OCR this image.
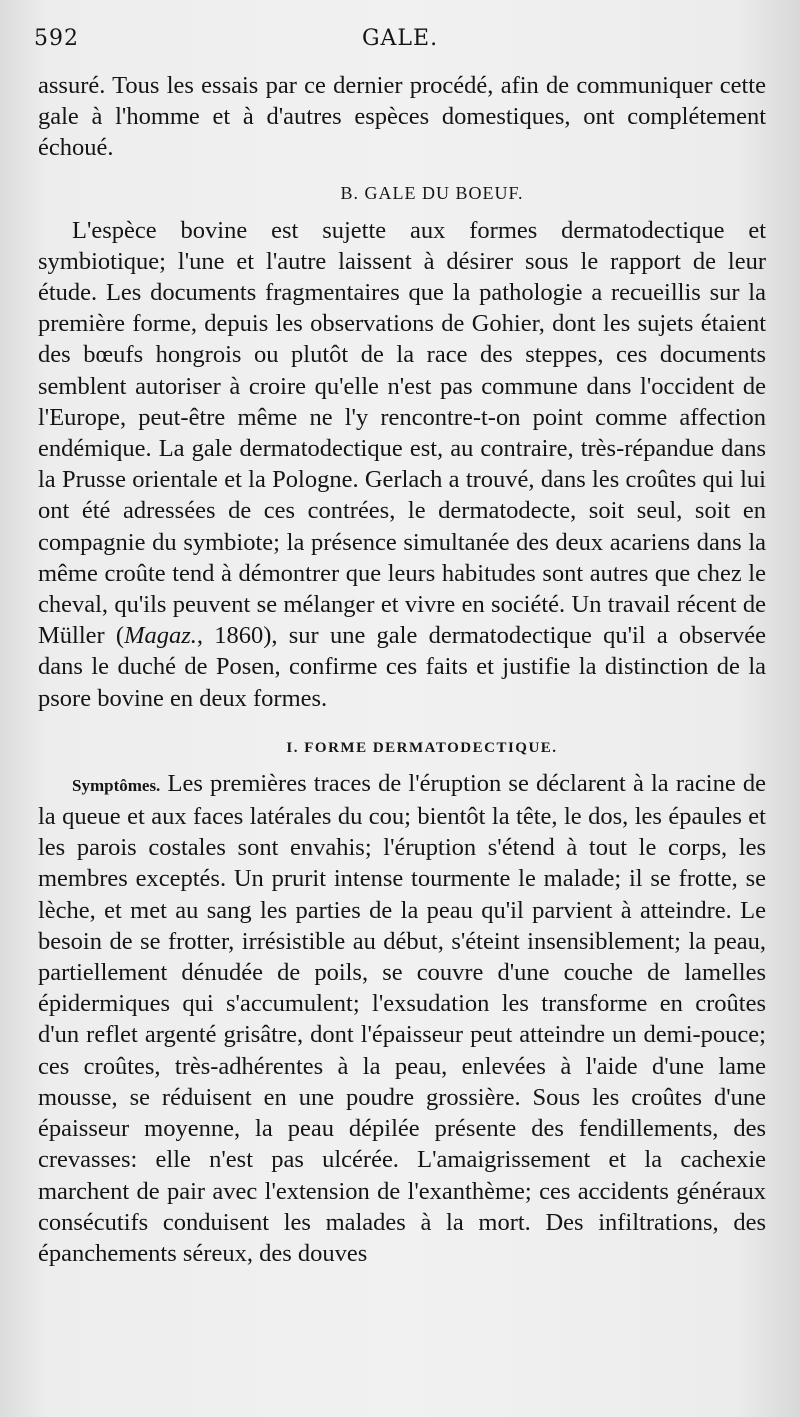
592	GALE.

assuré. Tous les essais par ce dernier procédé, afin de communiquer cette gale à l'homme et à d'autres espèces domestiques, ont complétement échoué.

B. GALE DU BOEUF.

L'espèce bovine est sujette aux formes dermatodectique et symbiotique; l'une et l'autre laissent à désirer sous le rapport de leur étude. Les documents fragmentaires que la pathologie a recueillis sur la première forme, depuis les observations de Gohier, dont les sujets étaient des bœufs hongrois ou plutôt de la race des steppes, ces documents semblent autoriser à croire qu'elle n'est pas commune dans l'occident de l'Europe, peut-être même ne l'y rencontre-t-on point comme affection endémique. La gale dermatodectique est, au contraire, très-répandue dans la Prusse orientale et la Pologne. Gerlach a trouvé, dans les croûtes qui lui ont été adressées de ces contrées, le dermatodecte, soit seul, soit en compagnie du symbiote; la présence simultanée des deux acariens dans la même croûte tend à démontrer que leurs habitudes sont autres que chez le cheval, qu'ils peuvent se mélanger et vivre en société. Un travail récent de Müller (Magaz., 1860), sur une gale dermatodectique qu'il a observée dans le duché de Posen, confirme ces faits et justifie la distinction de la psore bovine en deux formes.

I. FORME DERMATODECTIQUE.

Symptômes. Les premières traces de l'éruption se déclarent à la racine de la queue et aux faces latérales du cou; bientôt la tête, le dos, les épaules et les parois costales sont envahis; l'éruption s'étend à tout le corps, les membres exceptés. Un prurit intense tourmente le malade; il se frotte, se lèche, et met au sang les parties de la peau qu'il parvient à atteindre. Le besoin de se frotter, irrésistible au début, s'éteint insensiblement; la peau, partiellement dénudée de poils, se couvre d'une couche de lamelles épidermiques qui s'accumulent; l'exsudation les transforme en croûtes d'un reflet argenté grisâtre, dont l'épaisseur peut atteindre un demi-pouce; ces croûtes, très-adhérentes à la peau, enlevées à l'aide d'une lame mousse, se réduisent en une poudre grossière. Sous les croûtes d'une épaisseur moyenne, la peau dépilée présente des fendillements, des crevasses: elle n'est pas ulcérée. L'amaigrissement et la cachexie marchent de pair avec l'extension de l'exanthème; ces accidents généraux consécutifs conduisent les malades à la mort. Des infiltrations, des épanchements séreux, des douves
